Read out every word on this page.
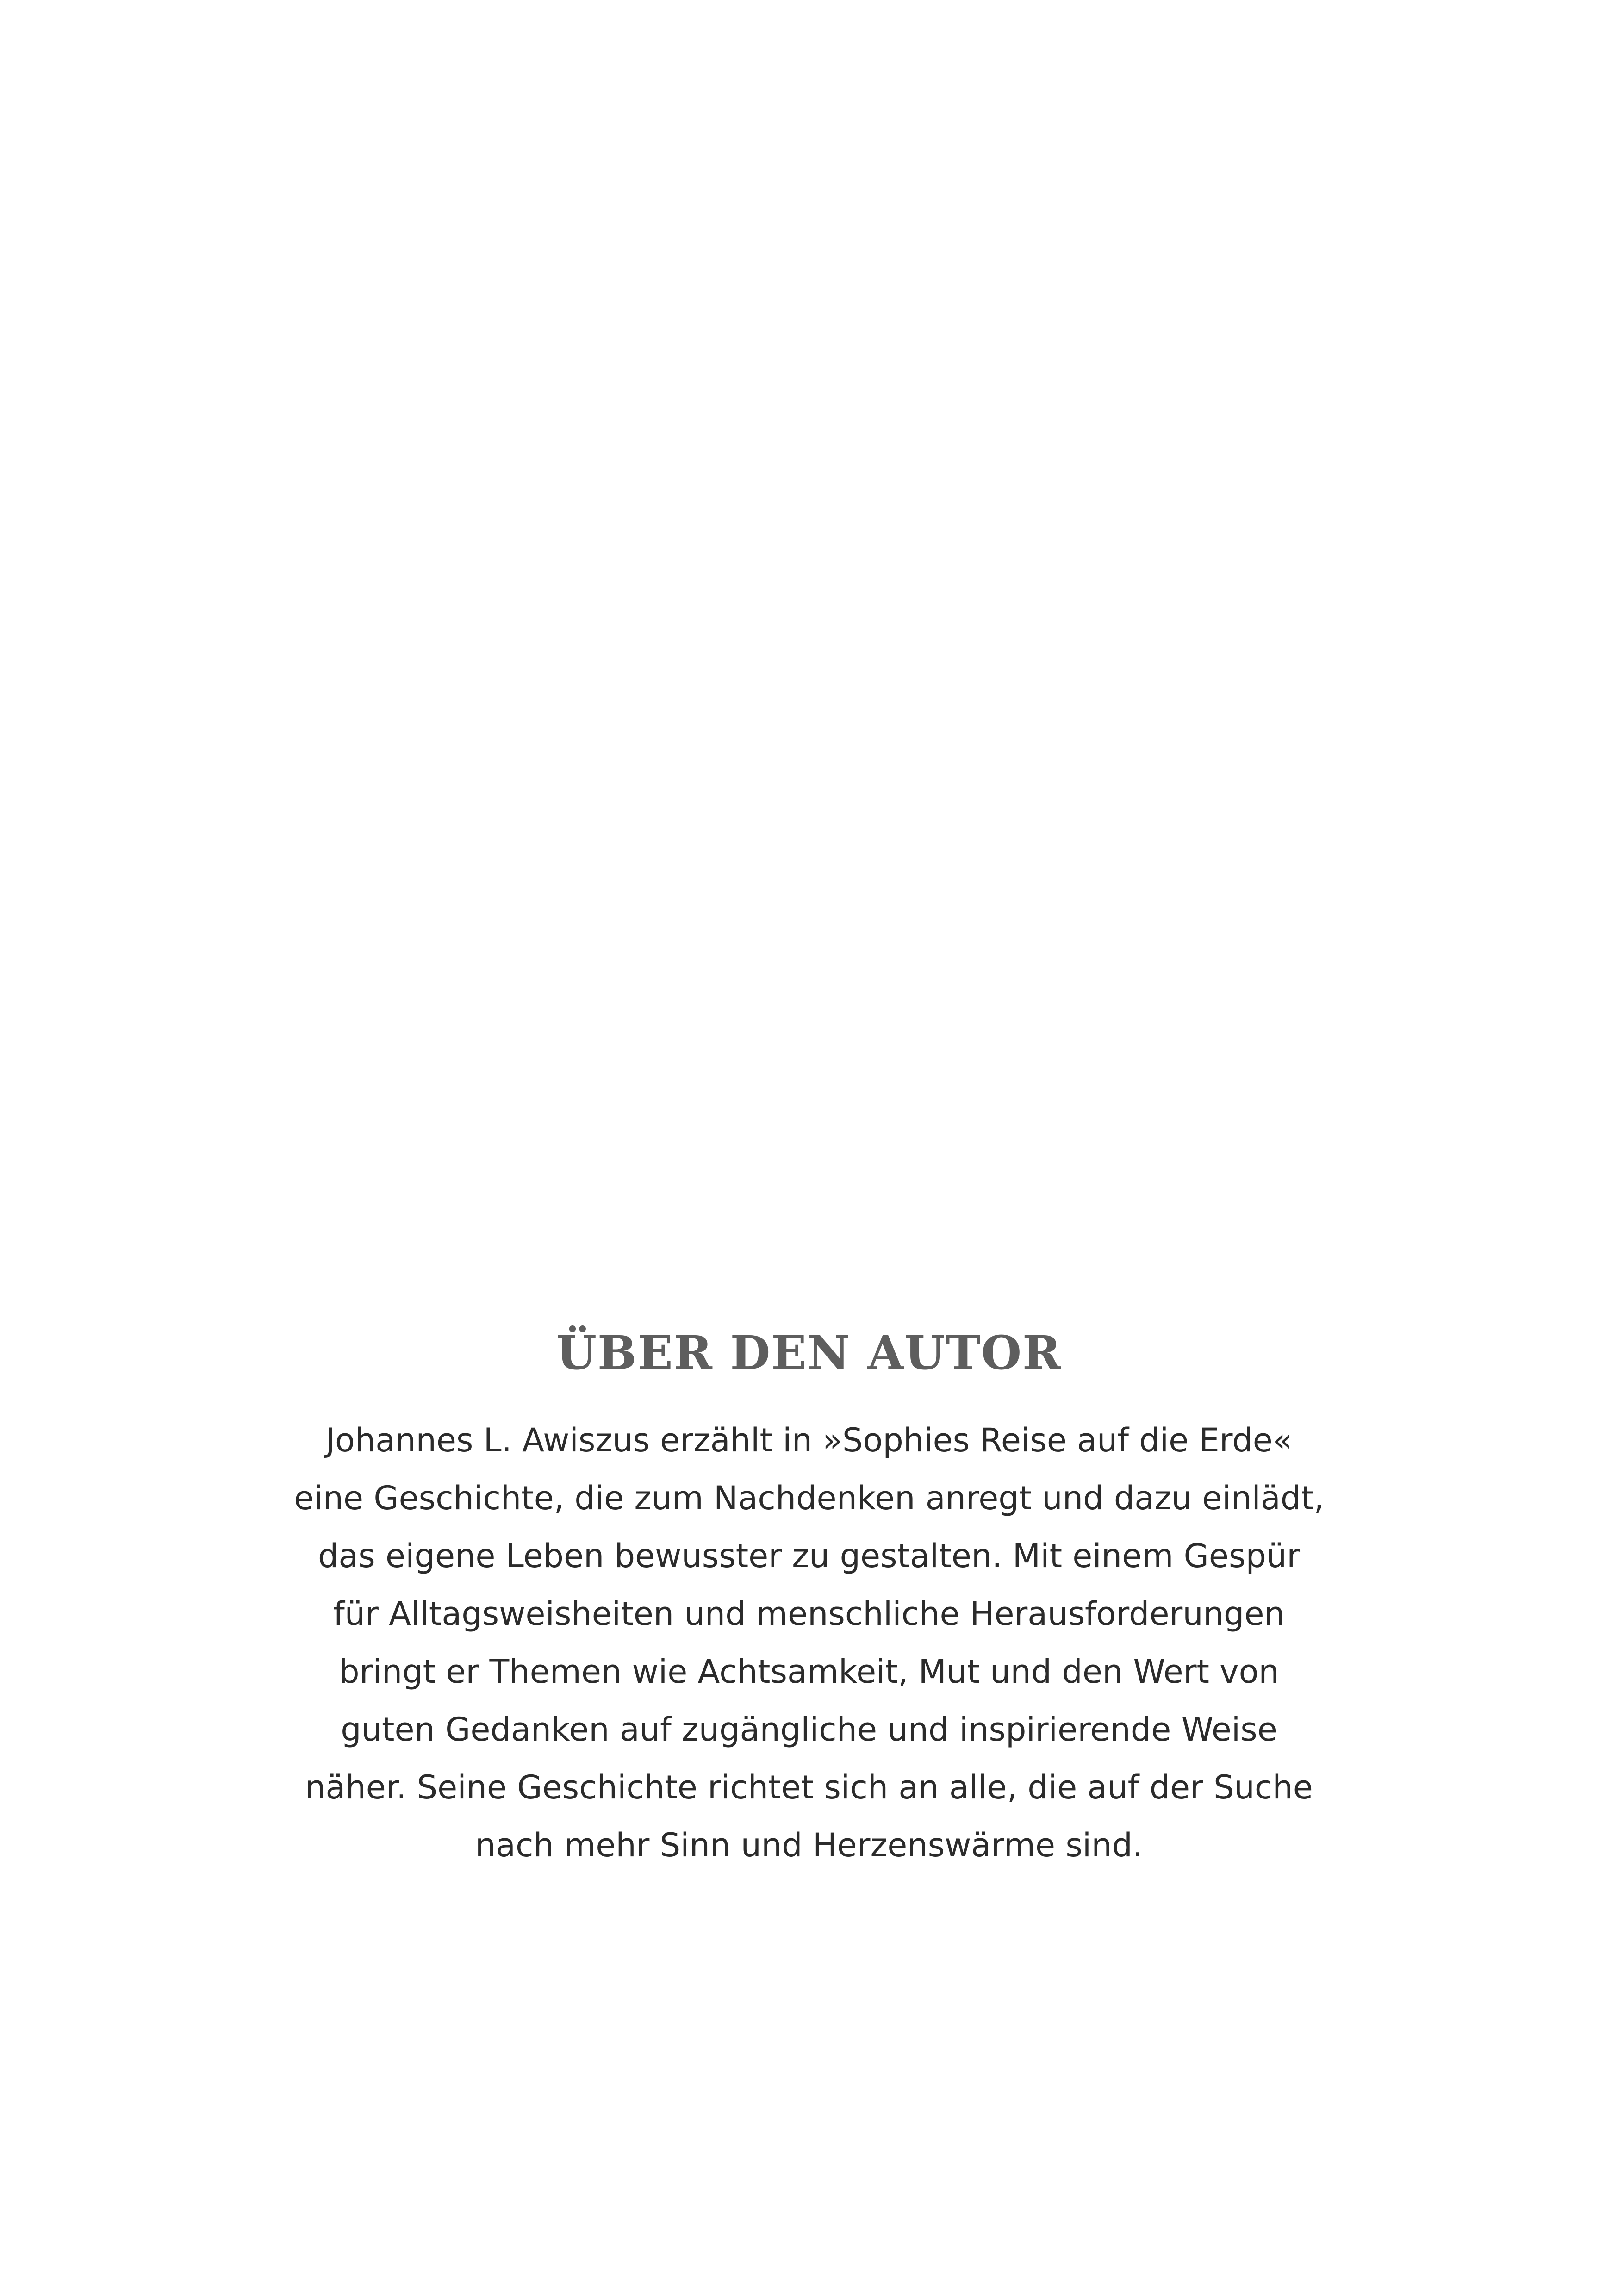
ÜBER DEN AUTOR
Johannes L. Awiszus erzählt in »Sophies Reise auf die Erde«
eine Geschichte, die zum Nachdenken anregt und dazu einlädt,
das eigene Leben bewusster zu gestalten. Mit einem Gespür
für Alltagsweisheiten und menschliche Herausforderungen
bringt er Themen wie Achtsamkeit, Mut und den Wert von
guten Gedanken auf zugängliche und inspirierende Weise
näher. Seine Geschichte richtet sich an alle, die auf der Suche
nach mehr Sinn und Herzenswärme sind.
